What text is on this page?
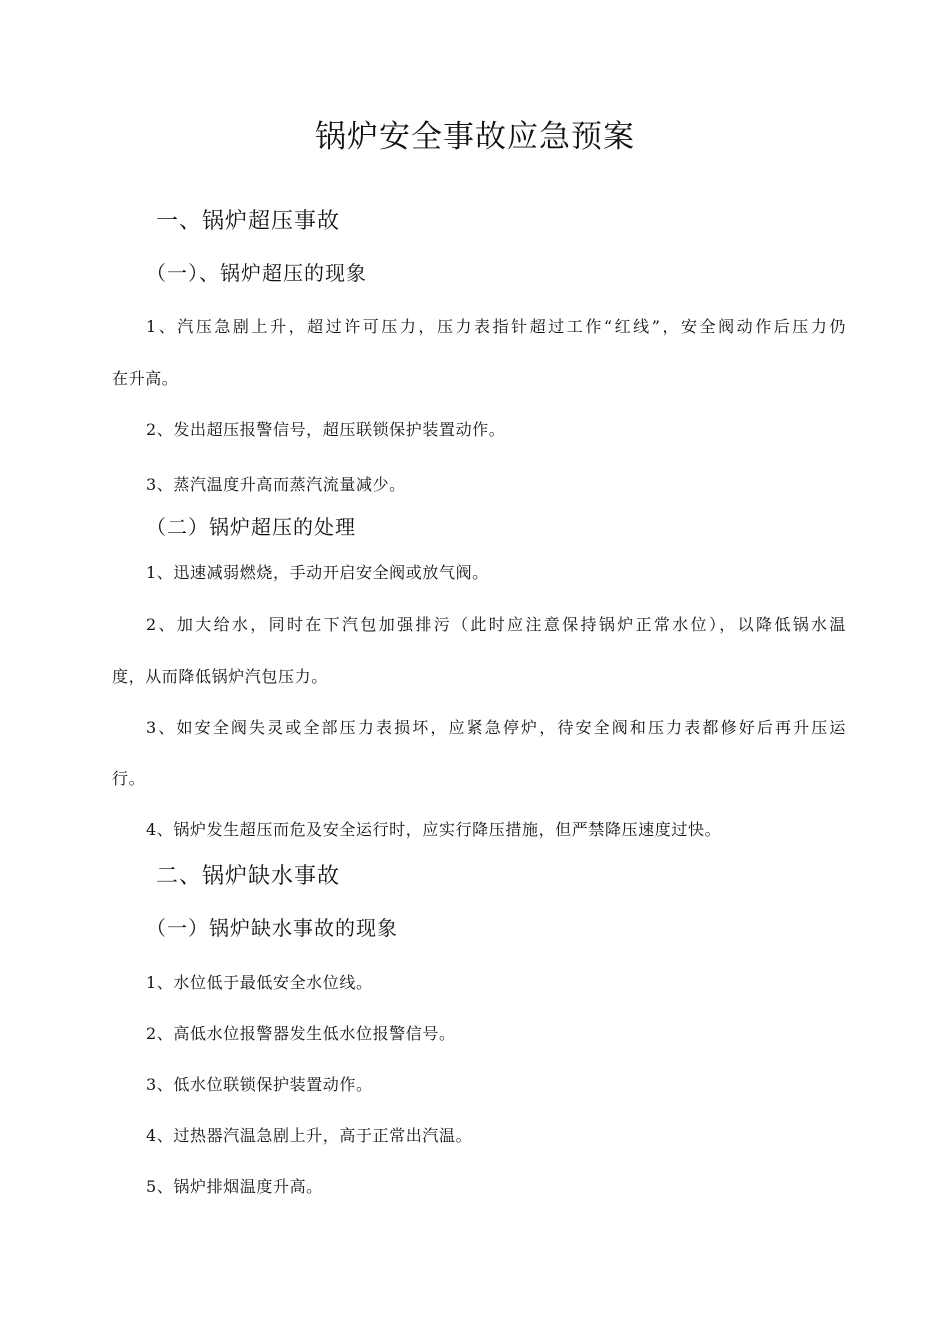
锅炉安全事故应急预案
一、锅炉超压事故
（一）、锅炉超压的现象
1、汽压急剧上升，超过许可压力，压力表指针超过工作“红线”，安全阀动作后压力仍
在升高。
2、发出超压报警信号，超压联锁保护装置动作。
3、蒸汽温度升高而蒸汽流量减少。
（二）锅炉超压的处理
1、迅速减弱燃烧，手动开启安全阀或放气阀。
2、加大给水，同时在下汽包加强排污（此时应注意保持锅炉正常水位），以降低锅水温
度，从而降低锅炉汽包压力。
3、如安全阀失灵或全部压力表损坏，应紧急停炉，待安全阀和压力表都修好后再升压运
行。
4、锅炉发生超压而危及安全运行时，应实行降压措施，但严禁降压速度过快。
二、锅炉缺水事故
（一）锅炉缺水事故的现象
1、水位低于最低安全水位线。
2、高低水位报警器发生低水位报警信号。
3、低水位联锁保护装置动作。
4、过热器汽温急剧上升，高于正常出汽温。
5、锅炉排烟温度升高。
